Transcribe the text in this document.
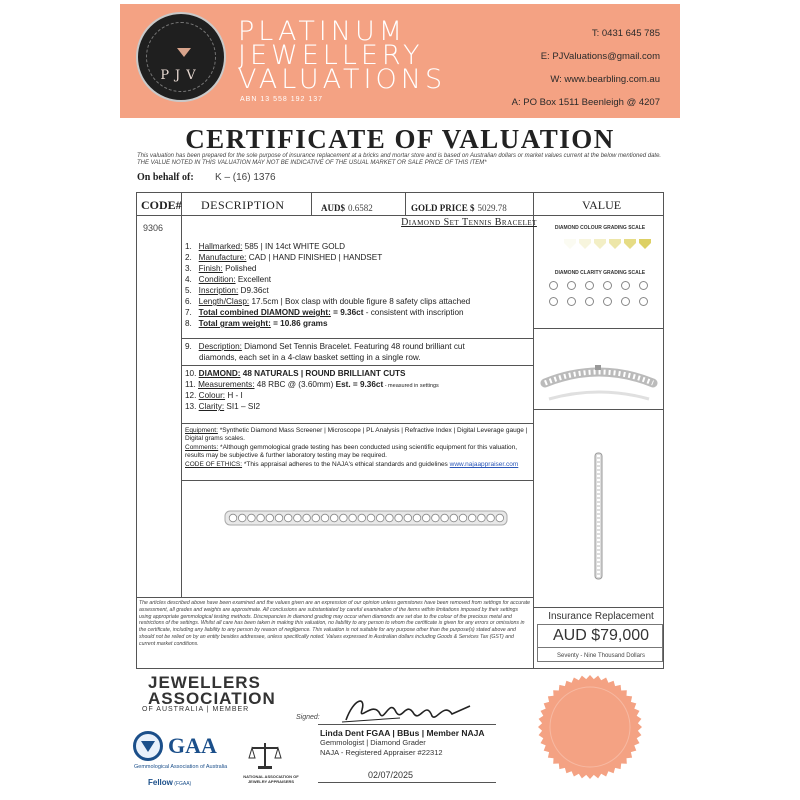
PJV
PLATINUM
JEWELLERY
VALUATIONS
ABN 13 558 192 137
T: 0431 645 785
E: PJValuations@gmail.com
W: www.bearbling.com.au
A: PO Box 1511 Beenleigh @ 4207
CERTIFICATE OF VALUATION
This valuation has been prepared for the sole purpose of insurance replacement at a bricks and mortar store and is based on Australian dollars or market values current at the below mentioned date.
THE VALUE NOTED IN THIS VALUATION MAY NOT BE INDICATIVE OF THE USUAL MARKET OR SALE PRICE OF THIS ITEM*
On behalf of: K – (16) 1376
CODE# DESCRIPTION	AUD$ 0.6582	GOLD PRICE $ 5029.78	VALUE
9306	Diamond Set Tennis Bracelet
1. Hallmarked: 585 | IN 14ct WHITE GOLD
2. Manufacture: CAD | HAND FINISHED | HANDSET
3. Finish: Polished
4. Condition: Excellent
5. Inscription: D9.36ct
6. Length/Clasp: 17.5cm | Box clasp with double figure 8 safety clips attached
7. Total combined DIAMOND weight: = 9.36ct - consistent with inscription
8. Total gram weight: = 10.86 grams
9. Description: Diamond Set Tennis Bracelet. Featuring 48 round brilliant cut
diamonds, each set in a 4-claw basket setting in a single row.
10. DIAMOND: 48 NATURALS | ROUND BRILLIANT CUTS
11. Measurements: 48 RBC @ (3.60mm) Est. = 9.36ct - measured in settings
12. Colour: H - I
13. Clarity: SI1 – SI2
Equipment: *Synthetic Diamond Mass Screener | Microscope | PL Analysis | Refractive Index | Digital Leverage gauge | Digital grams scales.
Comments: *Although gemmological grade testing has been conducted using scientific equipment for this valuation, results may be subjective & further laboratory testing may be required.
CODE OF ETHICS: *This appraisal adheres to the NAJA's ethical standards and guidelines www.najaappraiser.com
DIAMOND COLOUR GRADING SCALE
DIAMOND CLARITY GRADING SCALE
Insurance Replacement
AUD $79,000
Seventy - Nine Thousand Dollars
The articles described above have been examined and the values given are an expression of our opinion unless gemstones have been removed from settings for accurate assessment, all grades and weights are approximate. All conclusions are substantiated by careful examination of the items within limitations imposed by their settings using appropriate gemmological testing methods. Discrepancies in diamond grading may occur when diamonds are set due to the colour of the precious metal and restrictions of the settings. Whilst all care has been taken in making this valuation, no liability to any person to whom the certificate is given for any errors or omissions in the certificate, including any liability to any person by reason of negligence. This valuation is not suitable for any purpose other than the purpose(s) stated above and should not be relied on by an entity besides addressee, unless specifically noted. Values expressed in Australian dollars including Goods & Services Tax (GST) and current market conditions.
JEWELLERS
ASSOCIATION
OF AUSTRALIA | MEMBER
GAA
Gemmological Association of Australia
Fellow (FGAA)
NATIONAL ASSOCIATION OF JEWELRY APPRAISERS
Signed:
Linda Dent FGAA | BBus | Member NAJA
Gemmologist | Diamond Grader
NAJA - Registered Appraiser #22312
02/07/2025
